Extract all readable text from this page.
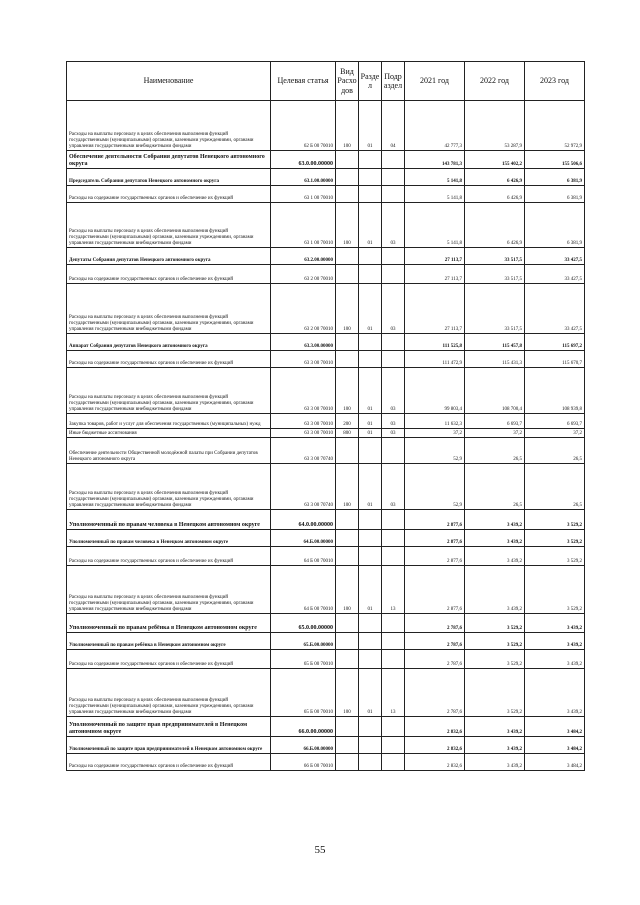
Наименование	Целевая статья	Вид Расхо дов	Разде л	Подр аздел	2021 год	2022 год	2023 год
Расходы на выплаты персоналу в целях обеспечения выполнения функций государственными (муниципальными) органами, казенными учреждениями, органами управления государственными внебюджетными фондами	62 Б 00 70010	100	01	04	42 777,3	53 287,9	52 972,9
Обеспечение деятельности Собрания депутатов Ненецкого автономного округа	63.0.00.00000				143 781,3	155 402,2	155 506,6
Председатель Собрания депутатов Ненецкого автономного округа	63.1.00.00000				5 141,8	6 426,9	6 381,9
Расходы на содержание государственных органов и обеспечение их функций	63 1 00 70010				5 141,8	6 426,9	6 381,9
Расходы на выплаты персоналу в целях обеспечения выполнения функций государственными (муниципальными) органами, казенными учреждениями, органами управления государственными внебюджетными фондами	63 1 00 70010	100	01	03	5 141,8	6 426,9	6 381,9
Депутаты Собрания депутатов Ненецкого автономного округа	63.2.00.00000				27 113,7	33 517,5	33 427,5
Расходы на содержание государственных органов и обеспечение их функций	63 2 00 70010				27 113,7	33 517,5	33 427,5
Расходы на выплаты персоналу в целях обеспечения выполнения функций государственными (муниципальными) органами, казенными учреждениями, органами управления государственными внебюджетными фондами	63 2 00 70010	100	01	03	27 113,7	33 517,5	33 427,5
Аппарат Собрания депутатов Ненецкого автономного округа	63.3.00.00000				111 525,8	115 457,8	115 697,2
Расходы на содержание государственных органов и обеспечение их функций	63 3 00 70010				111 472,9	115 431,3	115 670,7
Расходы на выплаты персоналу в целях обеспечения выполнения функций государственными (муниципальными) органами, казенными учреждениями, органами управления государственными внебюджетными фондами	63 3 00 70010	100	01	03	99 803,4	108 700,4	108 939,8
Закупка товаров, работ и услуг для обеспечения государственных (муниципальных) нужд	63 3 00 70010	200	01	03	11 632,3	6 693,7	6 693,7
Иные бюджетные ассигнования	63 3 00 70010	800	01	03	37,2	37,2	37,2
Обеспечение деятельности Общественной молодёжной палаты при Собрании депутатов Ненецкого автономного округа	63 3 00 70740				52,9	26,5	26,5
Расходы на выплаты персоналу в целях обеспечения выполнения функций государственными (муниципальными) органами, казенными учреждениями, органами управления государственными внебюджетными фондами	63 3 00 70740	100	01	03	52,9	26,5	26,5
Уполномоченный по правам человека в Ненецком автономном округе	64.0.00.00000				2 877,6	3 439,2	3 529,2
Уполномоченный по правам человека в Ненецком автономном округе	64.Б.00.00000				2 877,6	3 439,2	3 529,2
Расходы на содержание государственных органов и обеспечение их функций	64 Б 00 70010				2 877,6	3 439,2	3 529,2
Расходы на выплаты персоналу в целях обеспечения выполнения функций государственными (муниципальными) органами, казенными учреждениями, органами управления государственными внебюджетными фондами	64 Б 00 70010	100	01	13	2 877,6	3 439,2	3 529,2
Уполномоченный по правам ребёнка в Ненецком автономном округе	65.0.00.00000				2 787,6	3 529,2	3 439,2
Уполномоченный по правам ребёнка в Ненецком автономном округе	65.Б.00.00000				2 787,6	3 529,2	3 439,2
Расходы на содержание государственных органов и обеспечение их функций	65 Б 00 70010				2 787,6	3 529,2	3 439,2
Расходы на выплаты персоналу в целях обеспечения выполнения функций государственными (муниципальными) органами, казенными учреждениями, органами управления государственными внебюджетными фондами	65 Б 00 70010	100	01	13	2 787,6	3 529,2	3 439,2
Уполномоченный по защите прав предпринимателей в Ненецком автономном округе	66.0.00.00000				2 832,6	3 439,2	3 484,2
Уполномоченный по защите прав предпринимателей в Ненецком автономном округе	66.Б.00.00000				2 832,6	3 439,2	3 484,2
Расходы на содержание государственных органов и обеспечение их функций	66 Б 00 70010				2 832,6	3 439,2	3 484,2
55
